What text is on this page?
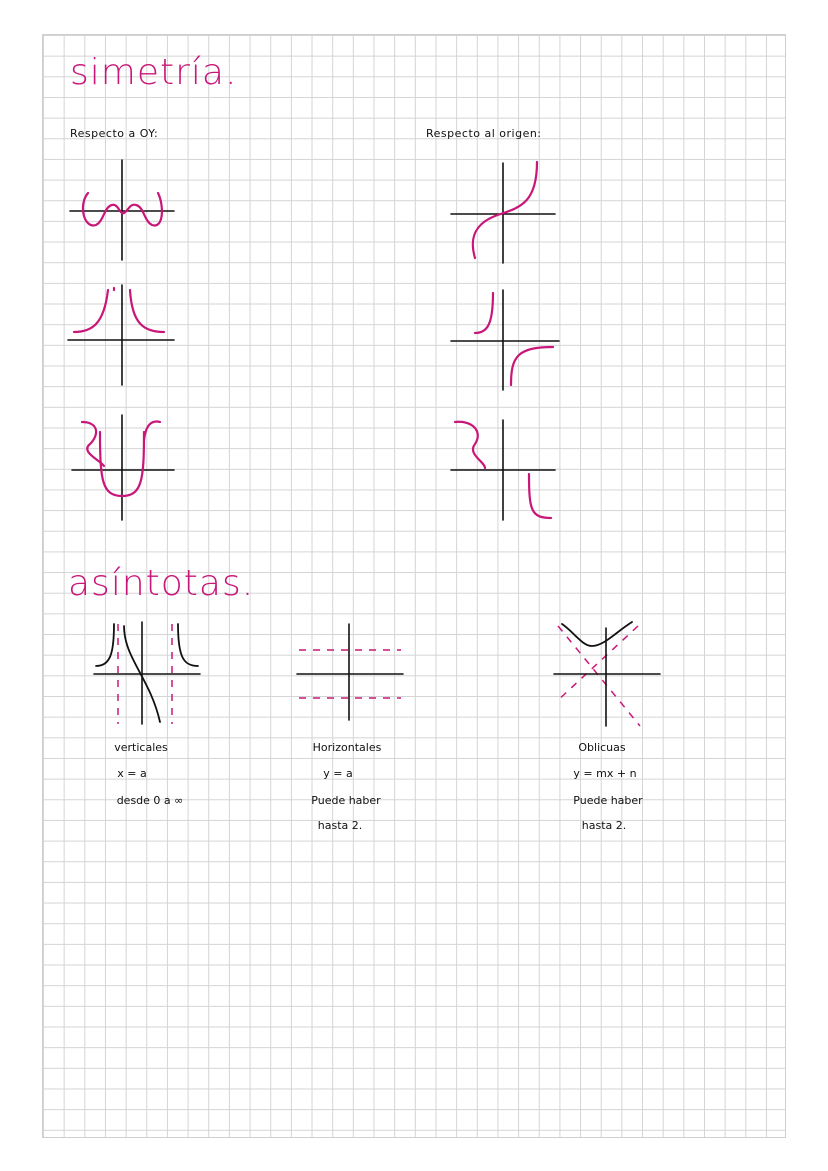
simetría.

Respecto a OY:	Respecto al origen:

asíntotas.

verticales

x = a

desde 0 a ∞

Horizontales

y = a

Puede haber

hasta 2.

Oblicuas

y = mx + n

Puede haber

hasta 2.
